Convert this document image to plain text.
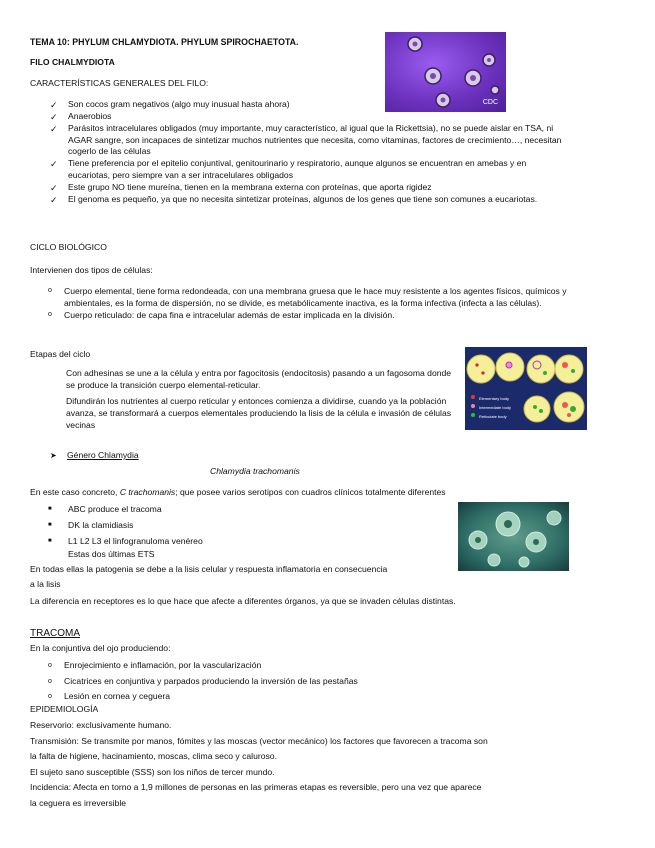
TEMA 10: PHYLUM CHLAMYDIOTA. PHYLUM SPIROCHAETOTA.
FILO CHALMYDIOTA
CARACTERÍSTICAS GENERALES DEL FILO:
CDC
✓ Son cocos gram negativos (algo muy inusual hasta ahora)
✓ Anaerobios
✓ Parásitos intracelulares obligados (muy importante, muy característico, al igual que la Rickettsia), no se puede aislar en TSA, ni AGAR sangre, son incapaces de sintetizar muchos nutrientes que necesita, como vitaminas, factores de crecimiento…, necesitan cogerlo de las células
✓ Tiene preferencia por el epitelio conjuntival, genitourinario y respiratorio, aunque algunos se encuentran en amebas y en eucariotas, pero siempre van a ser intracelulares obligados
✓ Este grupo NO tiene mureína, tienen en la membrana externa con proteínas, que aporta rigidez
✓ El genoma es pequeño, ya que no necesita sintetizar proteínas, algunos de los genes que tiene son comunes a eucariotas.
CICLO BIOLÓGICO
Intervienen dos tipos de células:
o Cuerpo elemental, tiene forma redondeada, con una membrana gruesa que le hace muy resistente a los agentes físicos, químicos y ambientales, es la forma de dispersión, no se divide, es metabólicamente inactiva, es la forma infectiva (infecta a las células).
o Cuerpo reticulado: de capa fina e intracelular además de estar implicada en la división.
Etapas del ciclo
Con adhesinas se une a la célula y entra por fagocitosis (endocitosis) pasando a un fagosoma donde se produce la transición cuerpo elemental-reticular.
Difundirán los nutrientes al cuerpo reticular y entonces comienza a dividirse, cuando ya la población avanza, se transformará a cuerpos elementales produciendo la lisis de la célula e invasión de células vecinas
Elementary body
Intermediate body
Reticulate body
➤ Género Chlamydia
Chlamydia trachomanis
En este caso concreto, C trachomanis; que posee varios serotipos con cuadros clínicos totalmente diferentes
■ ABC produce el tracoma
■ DK la clamidiasis
■ L1 L2 L3 el linfogranuloma venéreo
Estas dos últimas ETS
En todas ellas la patogenia se debe a la lisis celular y respuesta inflamatoria en consecuencia
a la lisis
La diferencia en receptores es lo que hace que afecte a diferentes órganos, ya que se invaden células distintas.
TRACOMA
En la conjuntiva del ojo produciendo:
o Enrojecimiento e inflamación, por la vascularización
o Cicatrices en conjuntiva y parpados produciendo la inversión de las pestañas
o Lesión en cornea y ceguera
EPIDEMIOLOGÍA
Reservorio: exclusivamente humano.
Transmisión: Se transmite por manos, fómites y las moscas (vector mecánico) los factores que favorecen a tracoma son
la falta de higiene, hacinamiento, moscas, clima seco y caluroso.
El sujeto sano susceptible (SSS) son los niños de tercer mundo.
Incidencia: Afecta en torno a 1,9 millones de personas en las primeras etapas es reversible, pero una vez que aparece
la ceguera es irreversible
